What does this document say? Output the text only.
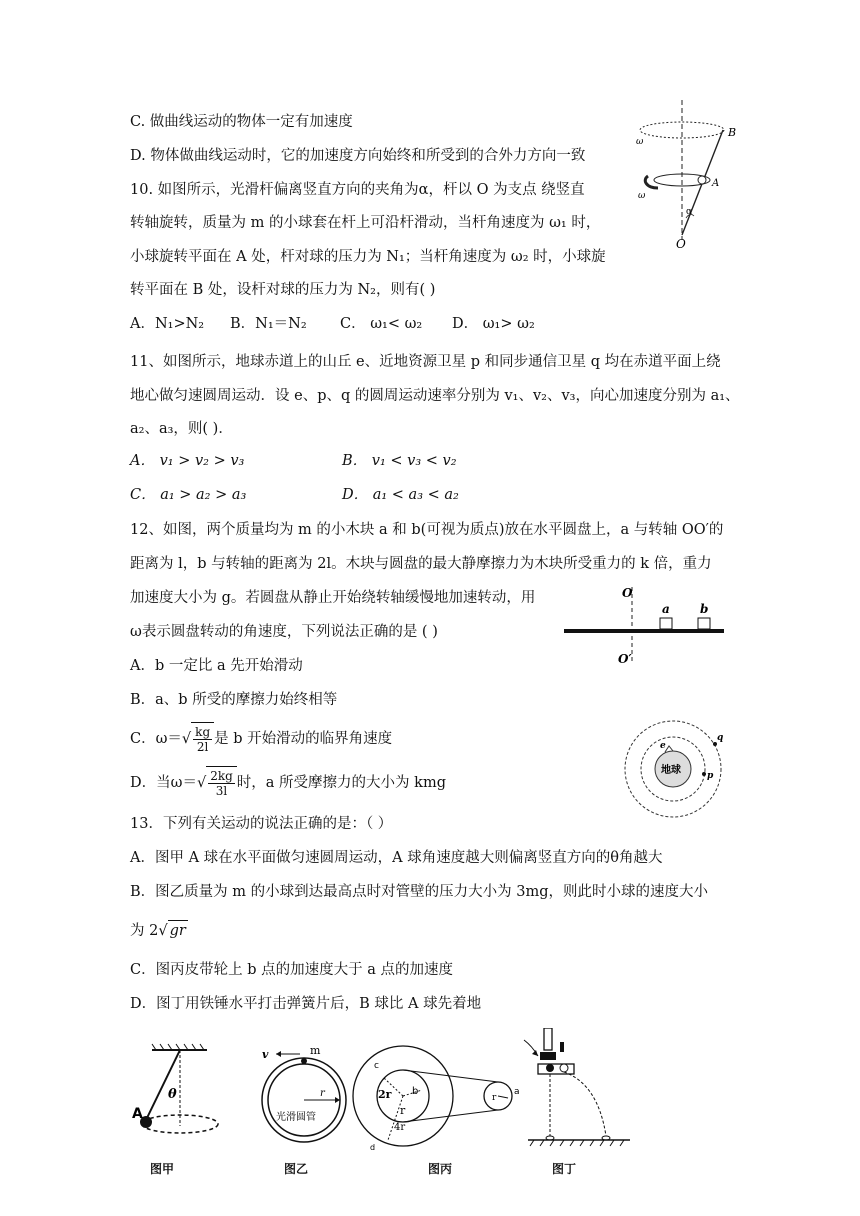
C. 做曲线运动的物体一定有加速度
D. 物体做曲线运动时，它的加速度方向始终和所受到的合外力方向一致
10. 如图所示，光滑杆偏离竖直方向的夹角为α，杆以 O 为支点 绕竖直
转轴旋转，质量为 m 的小球套在杆上可沿杆滑动，当杆角速度为 ω₁ 时，
小球旋转平面在 A 处，杆对球的压力为 N₁；当杆角速度为 ω₂ 时，小球旋
转平面在 B 处，设杆对球的压力为 N₂，则有( )
A．N₁>N₂ B．N₁＝N₂ C． ω₁< ω₂ D． ω₁> ω₂
B
A
O
α
ω
ω
11、如图所示，地球赤道上的山丘 e、近地资源卫星 p 和同步通信卫星 q 均在赤道平面上绕
地心做匀速圆周运动．设 e、p、q 的圆周运动速率分别为 v₁、v₂、v₃，向心加速度分别为 a₁、
a₂、a₃，则( )．
A． v₁ > v₂ > v₃	B． v₁ < v₃ < v₂
C． a₁ > a₂ > a₃	D． a₁ < a₃ < a₂
12、如图，两个质量均为 m 的小木块 a 和 b(可视为质点)放在水平圆盘上，a 与转轴 OO′的
距离为 l，b 与转轴的距离为 2l。木块与圆盘的最大静摩擦力为木块所受重力的 k 倍，重力
加速度大小为 g。若圆盘从静止开始绕转轴缓慢地加速转动，用
ω表示圆盘转动的角速度，下列说法正确的是 ( )
A．b 一定比 a 先开始滑动
B．a、b 所受的摩擦力始终相等
C．$\omega=√ \frac{kg}{2l}$ 是 b 开始滑动的临界角速度
D．当$\omega=√ \frac{2kg}{3l}$ 时，a 所受摩擦力的大小为 kmg
O
O′
a	b
地球
e
q
p
13．下列有关运动的说法正确的是：（ ）
A．图甲 A 球在水平面做匀速圆周运动，A 球角速度越大则偏离竖直方向的θ角越大
B．图乙质量为 m 的小球到达最高点时对管壁的压力大小为 3mg，则此时小球的速度大小
为 2√ gr
C．图丙皮带轮上 b 点的加速度大于 a 点的加速度
D．图丁用铁锤水平打击弹簧片后，B 球比 A 球先着地
θ
A
图甲
v	m
r
光滑圆管
图乙
c
2r b
r
4r
d
r
a
图丙	图丁
